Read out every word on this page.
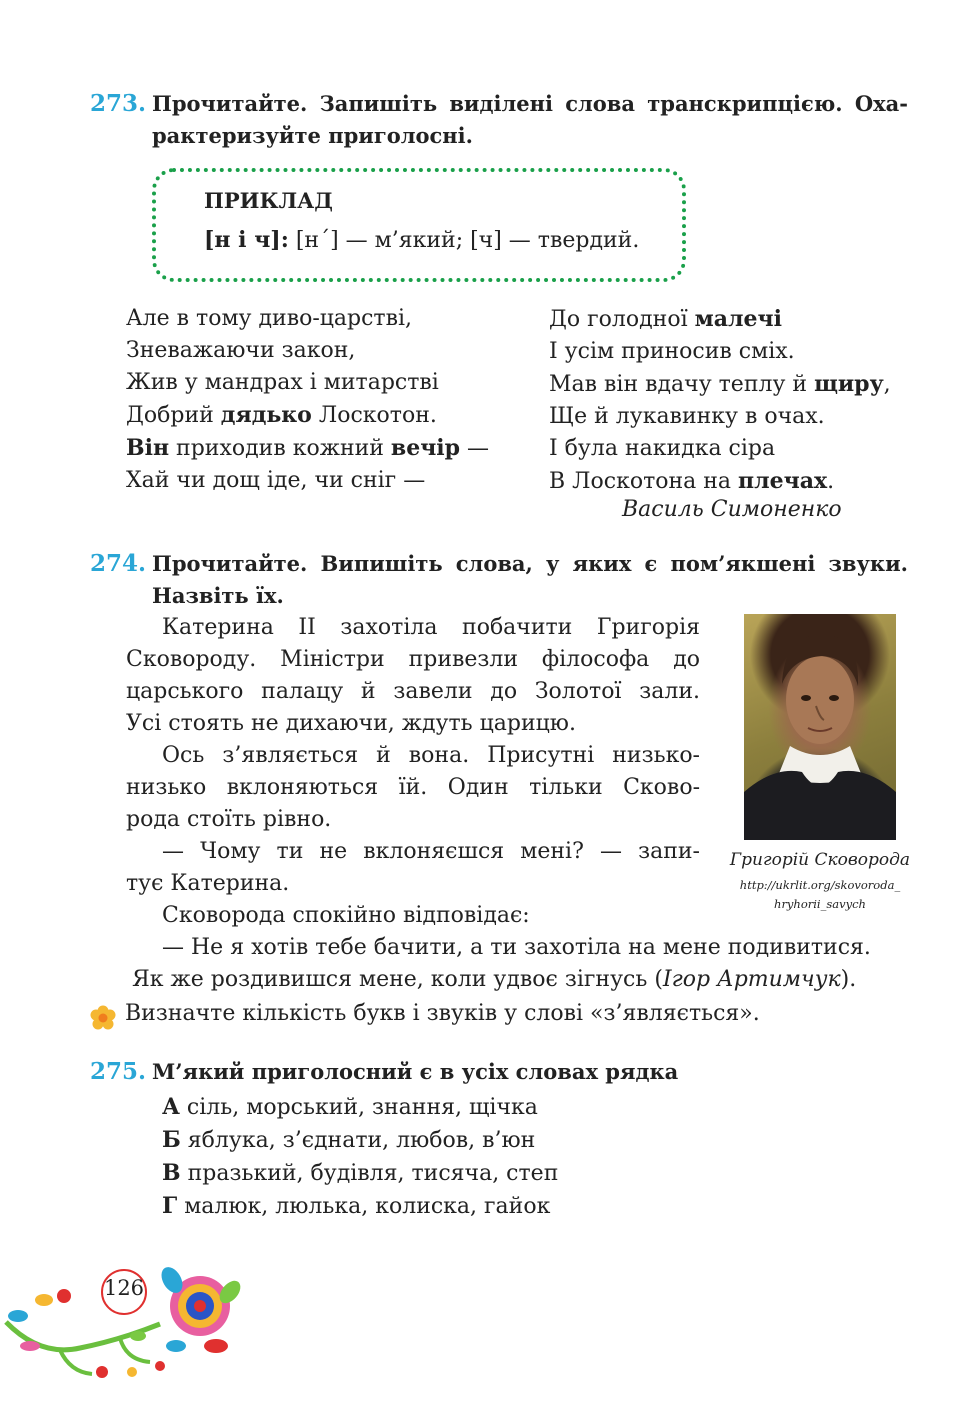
273. Прочитайте. Запишіть виділені слова транскрипцією. Оха-
рактеризуйте приголосні.
ПРИКЛАД
[н і ч]: [н´] — м’який; [ч] — твердий.
Але в тому диво-царстві,
Зневажаючи закон,
Жив у мандрах і митарстві
Добрий дядько Лоскотон.
Він приходив кожний вечір —
Хай чи дощ іде, чи сніг —
До голодної малечі
І усім приносив сміх.
Мав він вдачу теплу й щиру,
Ще й лукавинку в очах.
І була накидка сіра
В Лоскотона на плечах.
Василь Симоненко
274. Прочитайте. Випишіть слова, у яких є пом’якшені звуки.
Назвіть їх.
Катерина II захотіла побачити Григорія
Сковороду. Міністри привезли філософа до
царського палацу й завели до Золотої зали.
Усі стоять не дихаючи, ждуть царицю.
Ось з’являється й вона. Присутні низько-
низько вклоняються їй. Один тільки Сково-
рода стоїть рівно.
— Чому ти не вклоняєшся мені? — запи-
тує Катерина.
Сковорода спокійно відповідає:
— Не я хотів тебе бачити, а ти захотіла на мене подивитися.
Як же роздивишся мене, коли удвоє зігнусь (Ігор Артимчук).
Григорій Сковорода
http://ukrlit.org/skovoroda_
hryhorii_savych
Визначте кількість букв і звуків у слові «з’являється».
275. М’який приголосний є в усіх словах рядка
А сіль, морський, знання, щічка
Б яблука, з’єднати, любов, в’юн
В празький, будівля, тисяча, степ
Г малюк, люлька, колиска, гайок
126
